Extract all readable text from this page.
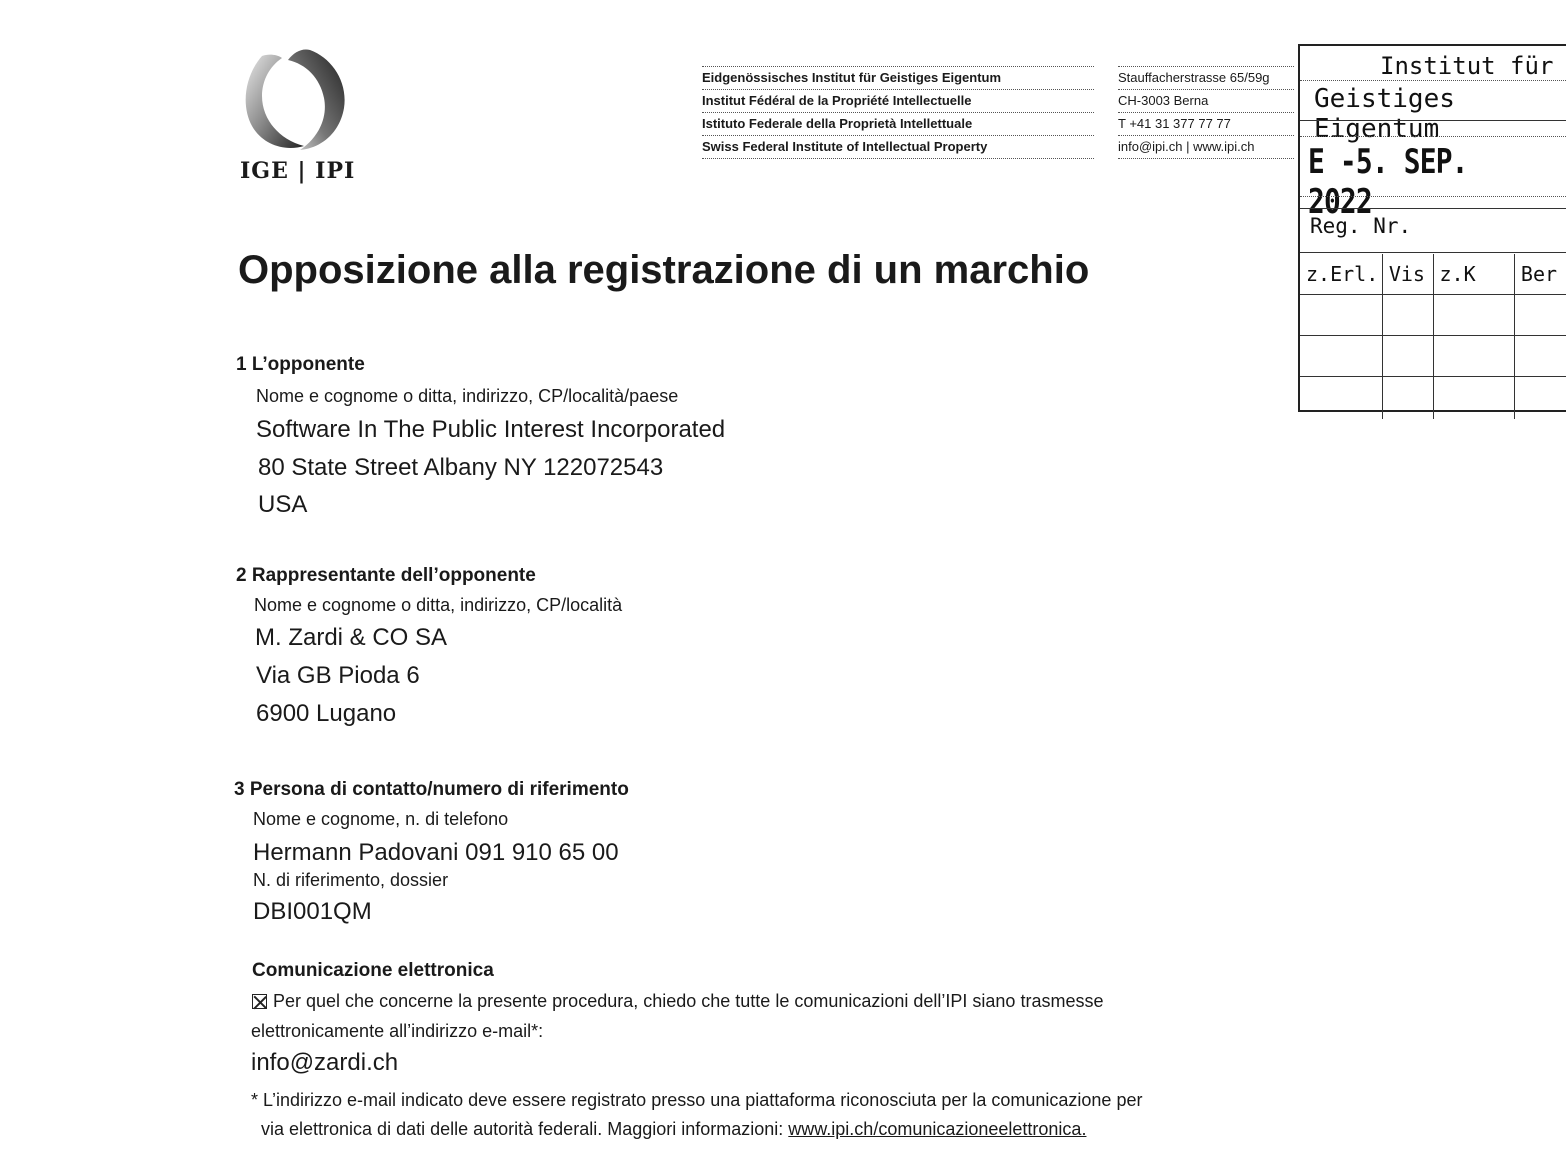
IGE | IPI
Eidgenössisches Institut für Geistiges Eigentum
Institut Fédéral de la Propriété Intellectuelle
Istituto Federale della Proprietà Intellettuale
Swiss Federal Institute of Intellectual Property
Stauffacherstrasse 65/59g
CH-3003 Berna
T +41 31 377 77 77
info@ipi.ch | www.ipi.ch
Institut für
Geistiges Eigentum
E -5. SEP. 2022
Reg. Nr.
z.Erl.	Vis	z.K	Ber

Opposizione alla registrazione di un marchio
1 L’opponente
Nome e cognome o ditta, indirizzo, CP/località/paese
Software In The Public Interest Incorporated
80 State Street Albany NY 122072543
USA
2 Rappresentante dell’opponente
Nome e cognome o ditta, indirizzo, CP/località
M. Zardi & CO SA
Via GB Pioda 6
6900 Lugano
3 Persona di contatto/numero di riferimento
Nome e cognome, n. di telefono
Hermann Padovani 091 910 65 00
N. di riferimento, dossier
DBI001QM
Comunicazione elettronica
Per quel che concerne la presente procedura, chiedo che tutte le comunicazioni dell’IPI siano trasmesse
elettronicamente all’indirizzo e-mail*:
info@zardi.ch
* L’indirizzo e-mail indicato deve essere registrato presso una piattaforma riconosciuta per la comunicazione per
via elettronica di dati delle autorità federali. Maggiori informazioni: www.ipi.ch/comunicazioneelettronica.
